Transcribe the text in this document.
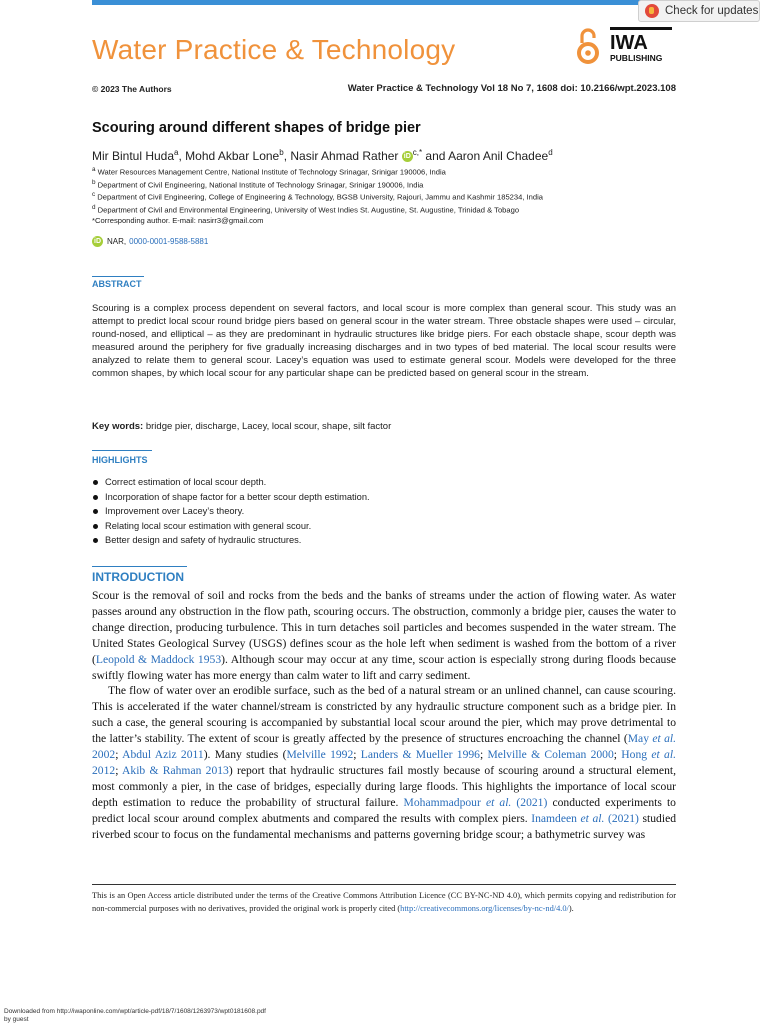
Check for updates
Water Practice & Technology	IWA
PUBLISHING
© 2023 The Authors	Water Practice & Technology Vol 18 No 7, 1608 doi: 10.2166/wpt.2023.108
Scouring around different shapes of bridge pier
Mir Bintul Huda$^a$, Mohd Akbar Lone$^b$, Nasir Ahmad Rather iD $^{c,*}$ and Aaron Anil Chadee$^d$
$^a$ Water Resources Management Centre, National Institute of Technology Srinagar, Srinigar 190006, India
$^b$ Department of Civil Engineering, National Institute of Technology Srinagar, Srinigar 190006, India
$^c$ Department of Civil Engineering, College of Engineering & Technology, BGSB University, Rajouri, Jammu and Kashmir 185234, India
$^d$ Department of Civil and Environmental Engineering, University of West Indies St. Augustine, St. Augustine, Trinidad & Tobago
*Corresponding author. E-mail: nasirr3@gmail.com
iD NAR, 0000-0001-9588-5881
ABSTRACT
Scouring is a complex process dependent on several factors, and local scour is more complex than general scour. This study was an attempt to predict local scour round bridge piers based on general scour in the water stream. Three obstacle shapes were used – circular, round-nosed, and elliptical – as they are predominant in hydraulic structures like bridge piers. For each obstacle shape, scour depth was measured around the periphery for five gradually increasing discharges and in two types of bed material. The local scour results were analyzed to relate them to general scour. Lacey’s equation was used to estimate general scour. Models were developed for the three common shapes, by which local scour for any particular shape can be predicted based on general scour in the stream.
Key words: bridge pier, discharge, Lacey, local scour, shape, silt factor
HIGHLIGHTS
Correct estimation of local scour depth.
Incorporation of shape factor for a better scour depth estimation.
Improvement over Lacey’s theory.
Relating local scour estimation with general scour.
Better design and safety of hydraulic structures.
INTRODUCTION

Scour is the removal of soil and rocks from the beds and the banks of streams under the action of flowing water. As water passes around any obstruction in the flow path, scouring occurs. The obstruction, commonly a bridge pier, causes the water to change direction, producing turbulence. This in turn detaches soil particles and becomes suspended in the water stream. The United States Geological Survey (USGS) defines scour as the hole left when sediment is washed from the bottom of a river (Leopold & Maddock 1953). Although scour may occur at any time, scour action is especially strong during floods because swiftly flowing water has more energy than calm water to lift and carry sediment.

The flow of water over an erodible surface, such as the bed of a natural stream or an unlined channel, can cause scouring. This is accelerated if the water channel/stream is constricted by any hydraulic structure component such as a bridge pier. In such a case, the general scouring is accompanied by substantial local scour around the pier, which may prove detrimental to the latter’s stability. The extent of scour is greatly affected by the presence of structures encroaching the channel (May et al. 2002; Abdul Aziz 2011). Many studies (Melville 1992; Landers & Mueller 1996; Melville & Coleman 2000; Hong et al. 2012; Akib & Rahman 2013) report that hydraulic structures fail mostly because of scouring around a structural element, most commonly a pier, in the case of bridges, especially during large floods. This highlights the importance of local scour depth estimation to reduce the probability of structural failure. Mohammadpour et al. (2021) conducted experiments to predict local scour around complex abutments and compared the results with complex piers. Inamdeen et al. (2021) studied riverbed scour to focus on the fundamental mechanisms and patterns governing bridge scour; a bathymetric survey was

This is an Open Access article distributed under the terms of the Creative Commons Attribution Licence (CC BY-NC-ND 4.0), which permits copying and redistribution for non-commercial purposes with no derivatives, provided the original work is properly cited (http://creativecommons.org/licenses/by-nc-nd/4.0/).
Downloaded from http://iwaponline.com/wpt/article-pdf/18/7/1608/1263973/wpt0181608.pdf
by guest
